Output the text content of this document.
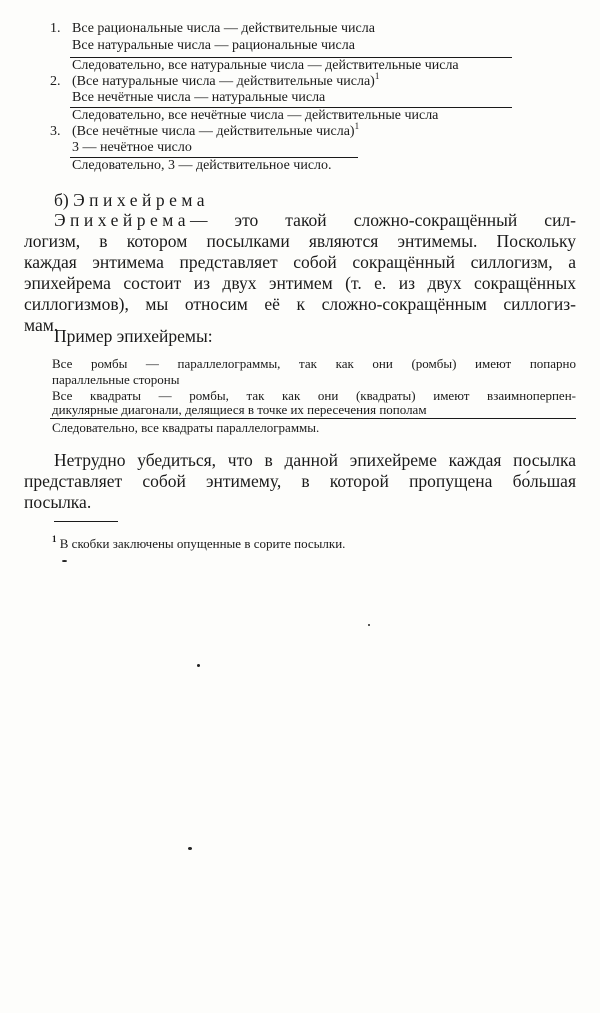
1. Все рациональные числа — действительные числа
Все натуральные числа — рациональные числа
Следовательно, все натуральные числа — действительные числа
2. (Все натуральные числа — действительные числа)$^1$
Все нечётные числа — натуральные числа
Следовательно, все нечётные числа — действительные числа
3. (Все нечётные числа — действительные числа)$^1$
3 — нечётное число
Следовательно, 3 — действительное число.
б) Эпихейрема
Эпихейрема— это такой сложно-сокращённый сил-
логизм, в котором посылками являются энтимемы. Поскольку
каждая энтимема представляет собой сокращённый силлогизм, а
эпихейрема состоит из двух энтимем (т. е. из двух сокращённых
силлогизмов), мы относим её к сложно-сокращённым силлогиз-
мам.
Пример эпихейремы:
Все ромбы — параллелограммы, так как они (ромбы) имеют попарно
параллельные стороны
Все квадраты — ромбы, так как они (квадраты) имеют взаимноперпен-
дикулярные диагонали, делящиеся в точке их пересечения пополам
Следовательно, все квадраты параллелограммы.
Нетрудно убедиться, что в данной эпихейреме каждая посылка
представляет собой энтимему, в которой пропущена бо́льшая
посылка.
$^1$ В скобки заключены опущенные в сорите посылки.
